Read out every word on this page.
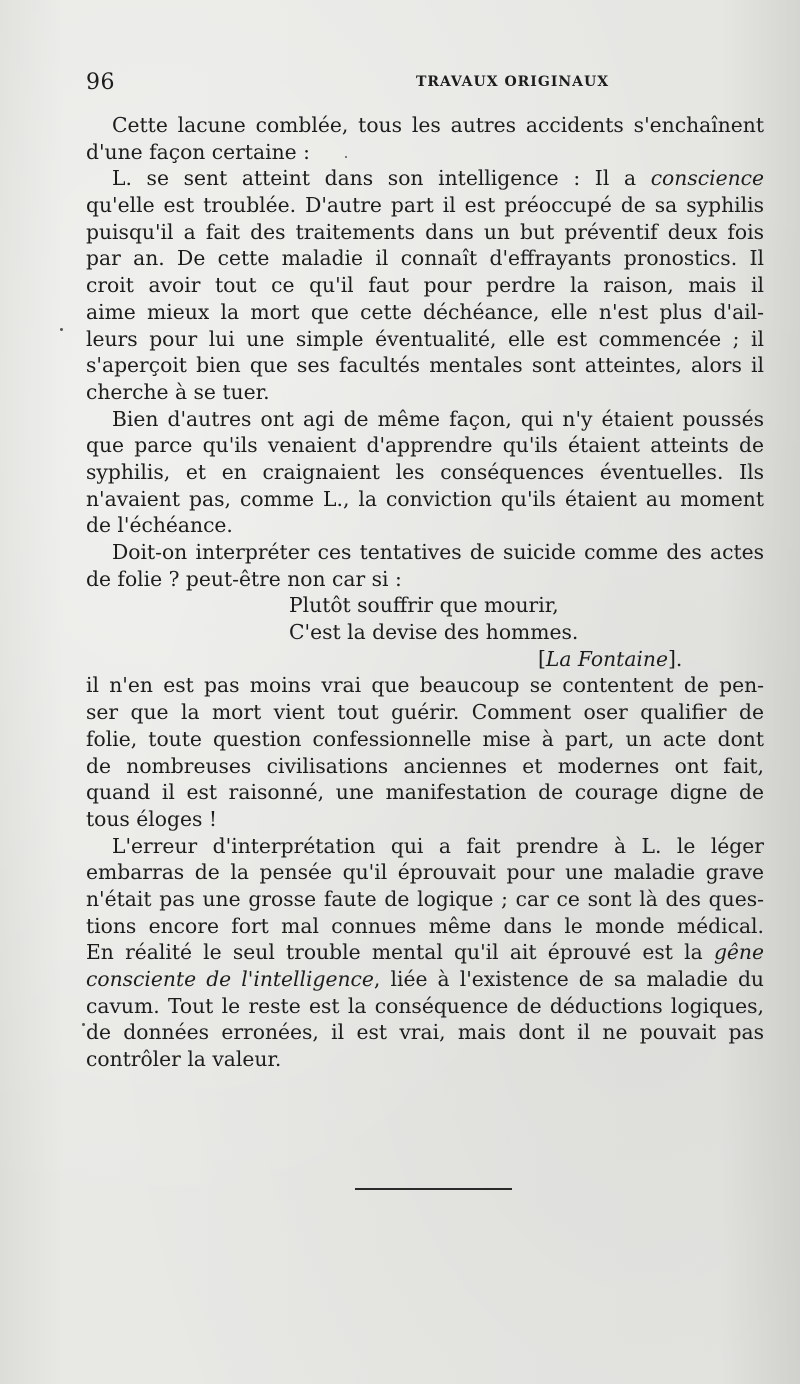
96	TRAVAUX ORIGINAUX
Cette lacune comblée, tous les autres accidents s'enchaînent
d'une façon certaine :
L. se sent atteint dans son intelligence : Il a conscience
qu'elle est troublée. D'autre part il est préoccupé de sa syphilis
puisqu'il a fait des traitements dans un but préventif deux fois
par an. De cette maladie il connaît d'effrayants pronostics. Il
croit avoir tout ce qu'il faut pour perdre la raison, mais il
aime mieux la mort que cette déchéance, elle n'est plus d'ail-
leurs pour lui une simple éventualité, elle est commencée ; il
s'aperçoit bien que ses facultés mentales sont atteintes, alors il
cherche à se tuer.
Bien d'autres ont agi de même façon, qui n'y étaient poussés
que parce qu'ils venaient d'apprendre qu'ils étaient atteints de
syphilis, et en craignaient les conséquences éventuelles. Ils
n'avaient pas, comme L., la conviction qu'ils étaient au moment
de l'échéance.
Doit-on interpréter ces tentatives de suicide comme des actes
de folie ? peut-être non car si :
Plutôt souffrir que mourir,
C'est la devise des hommes.
[La Fontaine].
il n'en est pas moins vrai que beaucoup se contentent de pen-
ser que la mort vient tout guérir. Comment oser qualifier de
folie, toute question confessionnelle mise à part, un acte dont
de nombreuses civilisations anciennes et modernes ont fait,
quand il est raisonné, une manifestation de courage digne de
tous éloges !
L'erreur d'interprétation qui a fait prendre à L. le léger
embarras de la pensée qu'il éprouvait pour une maladie grave
n'était pas une grosse faute de logique ; car ce sont là des ques-
tions encore fort mal connues même dans le monde médical.
En réalité le seul trouble mental qu'il ait éprouvé est la gêne
consciente de l'intelligence, liée à l'existence de sa maladie du
cavum. Tout le reste est la conséquence de déductions logiques,
de données erronées, il est vrai, mais dont il ne pouvait pas
contrôler la valeur.
